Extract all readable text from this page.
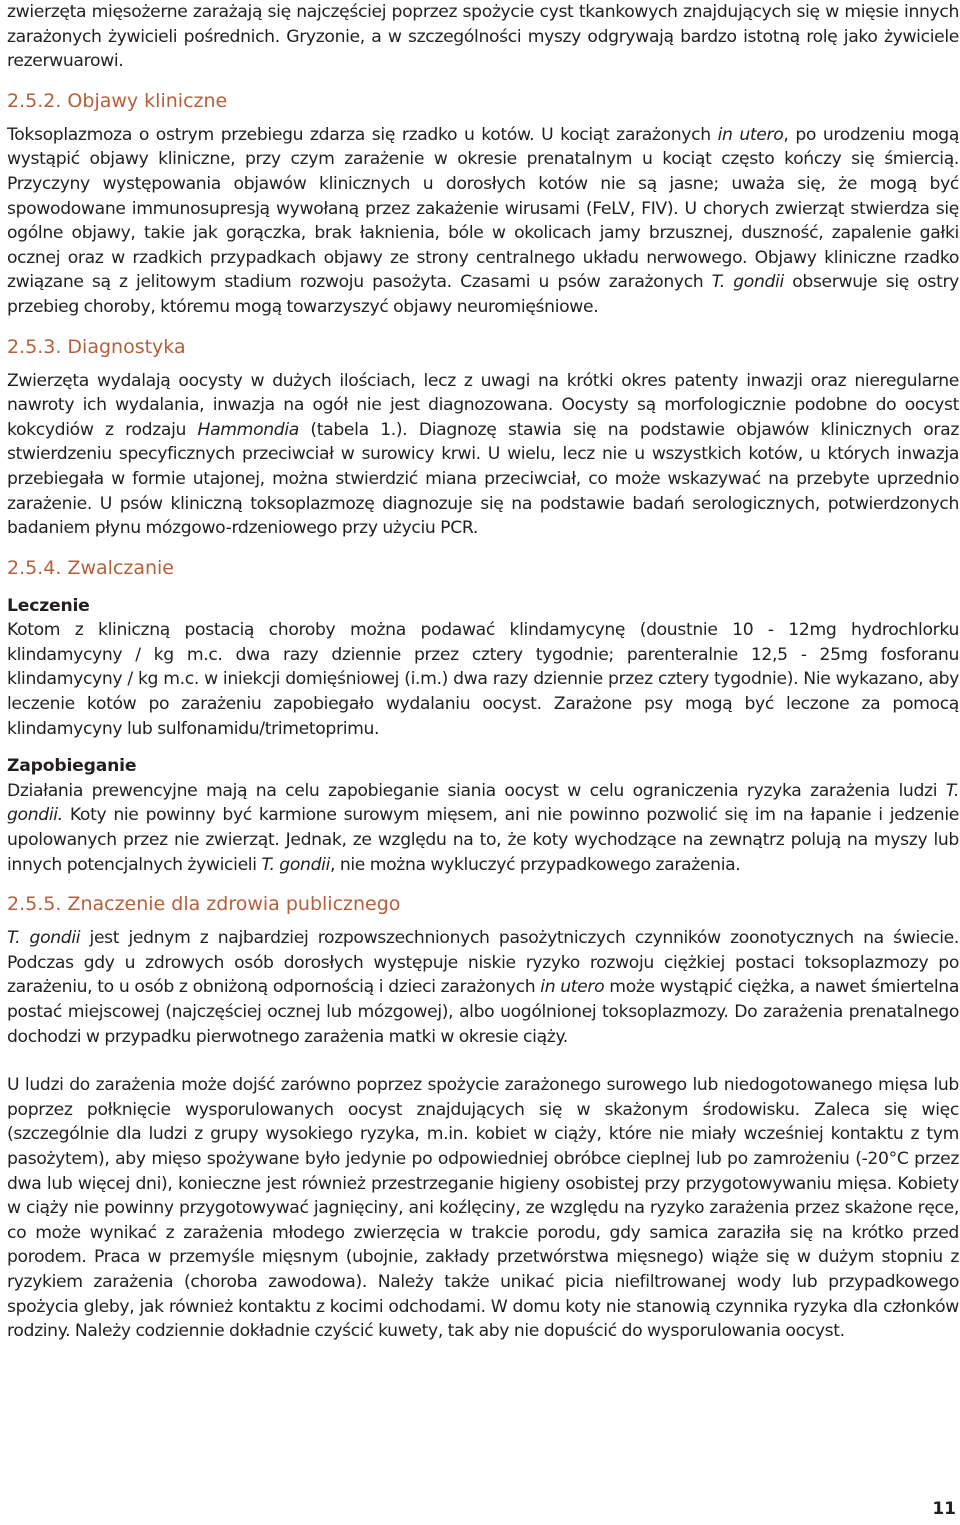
zwierzęta mięsożerne zarażają się najczęściej poprzez spożycie cyst tkankowych znajdujących się w mięsie innych zarażonych żywicieli pośrednich. Gryzonie, a w szczególności myszy odgrywają bardzo istotną rolę jako żywiciele rezerwuarowi.

2.5.2. Objawy kliniczne

Toksoplazmoza o ostrym przebiegu zdarza się rzadko u kotów. U kociąt zarażonych in utero, po urodzeniu mogą wystąpić objawy kliniczne, przy czym zarażenie w okresie prenatalnym u kociąt często kończy się śmiercią. Przyczyny występowania objawów klinicznych u dorosłych kotów nie są jasne; uważa się, że mogą być spowodowane immunosupresją wywołaną przez zakażenie wirusami (FeLV, FIV). U chorych zwierząt stwierdza się ogólne objawy, takie jak gorączka, brak łaknienia, bóle w okolicach jamy brzusznej, duszność, zapalenie gałki ocznej oraz w rzadkich przypadkach objawy ze strony centralnego układu nerwowego. Objawy kliniczne rzadko związane są z jelitowym stadium rozwoju pasożyta. Czasami u psów zarażonych T. gondii obserwuje się ostry przebieg choroby, któremu mogą towarzyszyć objawy neuromięśniowe.

2.5.3. Diagnostyka

Zwierzęta wydalają oocysty w dużych ilościach, lecz z uwagi na krótki okres patenty inwazji oraz nieregularne nawroty ich wydalania, inwazja na ogół nie jest diagnozowana. Oocysty są morfologicznie podobne do oocyst kokcydiów z rodzaju Hammondia (tabela 1.). Diagnozę stawia się na podstawie objawów klinicznych oraz stwierdzeniu specyficznych przeciwciał w surowicy krwi. U wielu, lecz nie u wszystkich kotów, u których inwazja przebiegała w formie utajonej, można stwierdzić miana przeciwciał, co może wskazywać na przebyte uprzednio zarażenie. U psów kliniczną toksoplazmozę diagnozuje się na podstawie badań serologicznych, potwierdzonych badaniem płynu mózgowo-rdzeniowego przy użyciu PCR.

2.5.4. Zwalczanie
Leczenie

Kotom z kliniczną postacią choroby można podawać klindamycynę (doustnie 10 - 12mg hydrochlorku klindamycyny / kg m.c. dwa razy dziennie przez cztery tygodnie; parenteralnie 12,5 - 25mg fosforanu klindamycyny / kg m.c. w iniekcji domięśniowej (i.m.) dwa razy dziennie przez cztery tygodnie). Nie wykazano, aby leczenie kotów po zarażeniu zapobiegało wydalaniu oocyst. Zarażone psy mogą być leczone za pomocą klindamycyny lub sulfonamidu/trimetoprimu.

Zapobieganie

Działania prewencyjne mają na celu zapobieganie siania oocyst w celu ograniczenia ryzyka zarażenia ludzi T. gondii. Koty nie powinny być karmione surowym mięsem, ani nie powinno pozwolić się im na łapanie i jedzenie upolowanych przez nie zwierząt. Jednak, ze względu na to, że koty wychodzące na zewnątrz polują na myszy lub innych potencjalnych żywicieli T. gondii, nie można wykluczyć przypadkowego zarażenia.

2.5.5. Znaczenie dla zdrowia publicznego

T. gondii jest jednym z najbardziej rozpowszechnionych pasożytniczych czynników zoonotycznych na świecie. Podczas gdy u zdrowych osób dorosłych występuje niskie ryzyko rozwoju ciężkiej postaci toksoplazmozy po zarażeniu, to u osób z obniżoną odpornością i dzieci zarażonych in utero może wystąpić ciężka, a nawet śmiertelna postać miejscowej (najczęściej ocznej lub mózgowej), albo uogólnionej toksoplazmozy. Do zarażenia prenatalnego dochodzi w przypadku pierwotnego zarażenia matki w okresie ciąży.

U ludzi do zarażenia może dojść zarówno poprzez spożycie zarażonego surowego lub niedogotowanego mięsa lub poprzez połknięcie wysporulowanych oocyst znajdujących się w skażonym środowisku. Zaleca się więc (szczególnie dla ludzi z grupy wysokiego ryzyka, m.in. kobiet w ciąży, które nie miały wcześniej kontaktu z tym pasożytem), aby mięso spożywane było jedynie po odpowiedniej obróbce cieplnej lub po zamrożeniu (-20°C przez dwa lub więcej dni), konieczne jest również przestrzeganie higieny osobistej przy przygotowywaniu mięsa. Kobiety w ciąży nie powinny przygotowywać jagnięciny, ani koźlęciny, ze względu na ryzyko zarażenia przez skażone ręce, co może wynikać z zarażenia młodego zwierzęcia w trakcie porodu, gdy samica zaraziła się na krótko przed porodem. Praca w przemyśle mięsnym (ubojnie, zakłady przetwórstwa mięsnego) wiąże się w dużym stopniu z ryzykiem zarażenia (choroba zawodowa). Należy także unikać picia niefiltrowanej wody lub przypadkowego spożycia gleby, jak również kontaktu z kocimi odchodami. W domu koty nie stanowią czynnika ryzyka dla członków rodziny. Należy codziennie dokładnie czyścić kuwety, tak aby nie dopuścić do wysporulowania oocyst.

11
